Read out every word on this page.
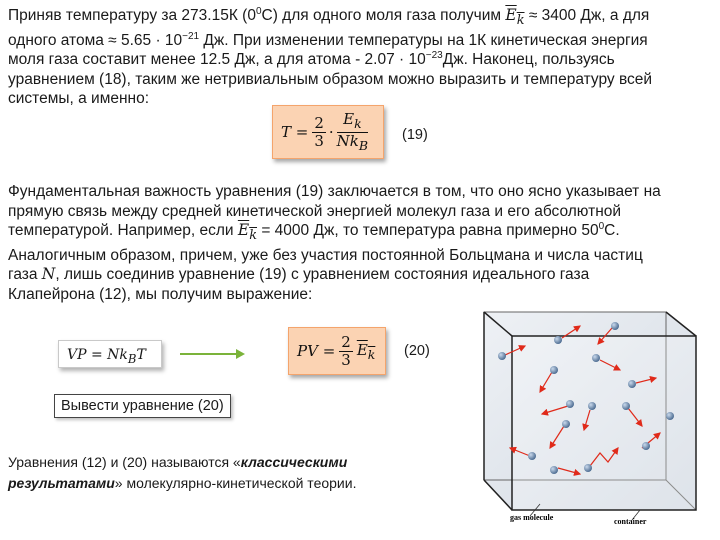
Приняв температуру за 273.15К $(0^0С)$ для одного моля газа получим $E_k \approx 3400$ Дж, а для
одного атома ≈ $5.65 \cdot 10^{-21}$ Дж. При изменении температуры на 1К кинетическая энергия
моля газа составит менее 12.5 Дж, а для атома - $2.07 \cdot 10^{-23}Дж$. Наконец, пользуясь
уравнением (18), таким же нетривиальным образом можно выразить и температуру всей
системы, а именно:

$T = \frac{2}{3} \cdot \frac{E_k}{Nk_B} (19)$

Фундаментальная важность уравнения (19) заключается в том, что оно ясно указывает на
прямую связь между средней кинетической энергией молекул газа и его абсолютной
температурой. Например, если $E_k = 4000$ Дж, то температура равна примерно $50^0С$.
Аналогичным образом, причем, уже без участия постоянной Больцмана и числа частиц
газа N, лишь соединив уравнение (19) с уравнением состояния идеального газа
Клапейрона (12), мы получим выражение:

VP = $Nk_BT$	PV = $\frac{2}{3} E_k$ (20)
Вывести уравнение (20)

Уравнения (12) и (20) называются «классическими результатами» молекулярно-кинетической теории.

gas molecule	container
